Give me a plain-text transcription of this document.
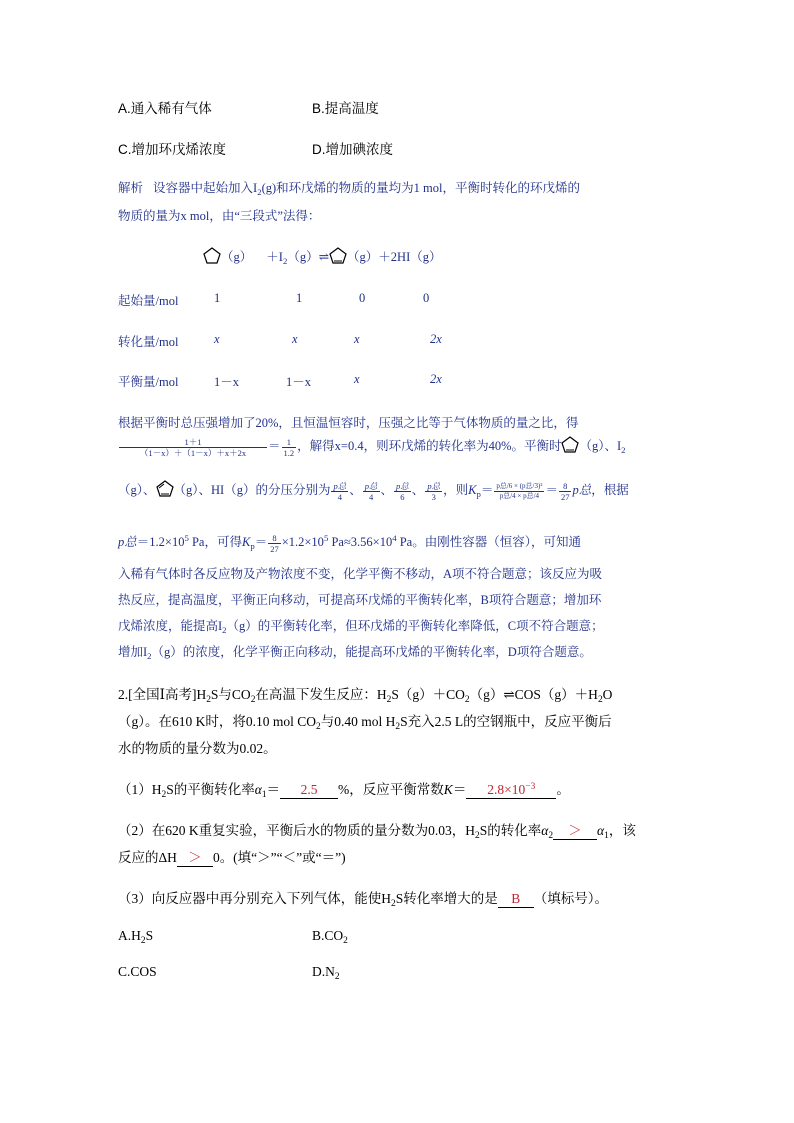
A.通入稀有气体	B.提高温度
C.增加环戊烯浓度	D.增加碘浓度
解析 设容器中起始加入$I_2(g)$和环戊烯的物质的量均为1 mol，平衡时转化的环戊烯的
物质的量为x mol，由“三段式”法得：
$(g) +I_2(g)\rightleftharpoons$ （g）＋2HI（g）
起始量/mol	1	1	0	0
转化量/mol	x	x	x	2x
平衡量/mol	1－x	1－x	x	2x
根据平衡时总压强增加了20%，且恒温恒容时，压强之比等于气体物质的量之比，得
$\frac{1+1}{(1-x)+(1-x)+x+2x} = \frac{1}{1.2}$ ，解得x=0.4，则环戊烯的转化率为40%。平衡时 （g）、$I_2$
（g）、 （g）、HI（g）的分压分别为 $\frac{\text{p总}}{4}$ 、 $\frac{\text{p总}}{4}$ 、 $\frac{\text{p总}}{6}$ 、 $\frac{\text{p总}}{3}$ ，则$K_p= \frac{\text{p总/6 × (p总/3)²}}{\text{p总/4 × p总/4}} = \frac{8}{27}$ p总，根据
p总$=1.2\times 10^5$ Pa，可得$K_p= \frac{8}{27} \times 1.2\times 10^5$ $Pa\approx 3.56\times 10^4$ Pa。由刚性容器（恒容），可知通
入稀有气体时各反应物及产物浓度不变，化学平衡不移动，A项不符合题意；该反应为吸
热反应，提高温度，平衡正向移动，可提高环戊烯的平衡转化率，B项符合题意；增加环
戊烯浓度，能提高$I_2(g)$的平衡转化率，但环戊烯的平衡转化率降低，C项不符合题意；
增加$I_2(g)$的浓度，化学平衡正向移动，能提高环戊烯的平衡转化率，D项符合题意。
2.[全国Ⅰ高考]$H_2S$与$CO_2$在高温下发生反应：$H_2S(g)+CO_2(g)\rightleftharpoons COS(g)+H_2O$
（g）。在610 K时，将0.10 mol $CO_2$与0.40 mol $H_2S$充入2.5 L的空钢瓶中，反应平衡后
水的物质的量分数为0.02。
$(1)H_2S$的平衡转化率$\alpha_1= 2.5$ %，反应平衡常数$K= 2.8\times 10^{-3}$ 。
（2）在620 K重复实验，平衡后水的物质的量分数为0.03，$H_2S$的转化率$\alpha_2 > \alpha_1$，该
反应的ΔH ＞ 0。(填“＞”“＜”或“＝”)
（3）向反应器中再分别充入下列气体，能使$H_2S$转化率增大的是 B （填标号）。
$A.H_2S$	$B.CO_2$
C.COS	$D.N_2$
